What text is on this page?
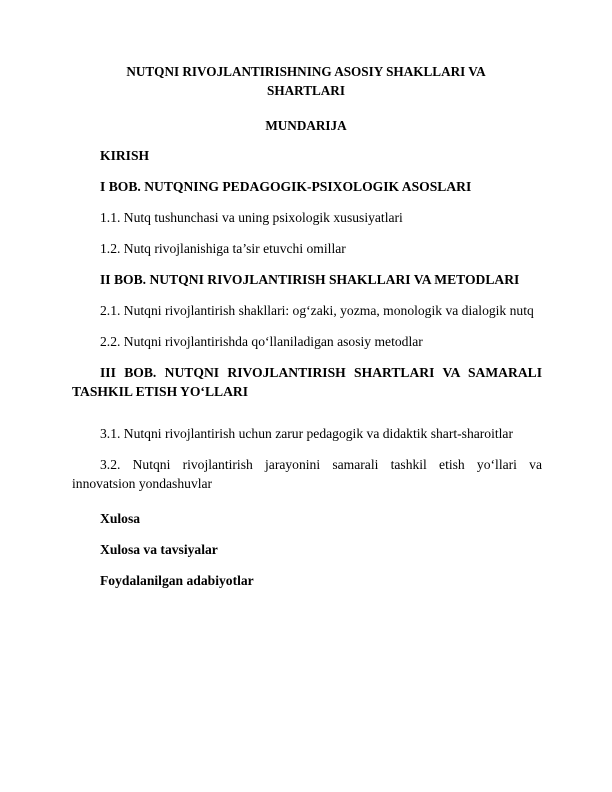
NUTQNI RIVOJLANTIRISHNING ASOSIY SHAKLLARI VA

SHARTLARI

MUNDARIJA

KIRISH

I BOB. NUTQNING PEDAGOGIK-PSIXOLOGIK ASOSLARI

1.1. Nutq tushunchasi va uning psixologik xususiyatlari

1.2. Nutq rivojlanishiga ta’sir etuvchi omillar

II BOB. NUTQNI RIVOJLANTIRISH SHAKLLARI VA METODLARI

2.1. Nutqni rivojlantirish shakllari: og‘zaki, yozma, monologik va dialogik nutq

2.2. Nutqni rivojlantirishda qo‘llaniladigan asosiy metodlar

III BOB. NUTQNI RIVOJLANTIRISH SHARTLARI VA SAMARALI
TASHKIL ETISH YO‘LLARI

3.1. Nutqni rivojlantirish uchun zarur pedagogik va didaktik shart-sharoitlar

3.2. Nutqni rivojlantirish jarayonini samarali tashkil etish yo‘llari va
innovatsion yondashuvlar

Xulosa

Xulosa va tavsiyalar

Foydalanilgan adabiyotlar
